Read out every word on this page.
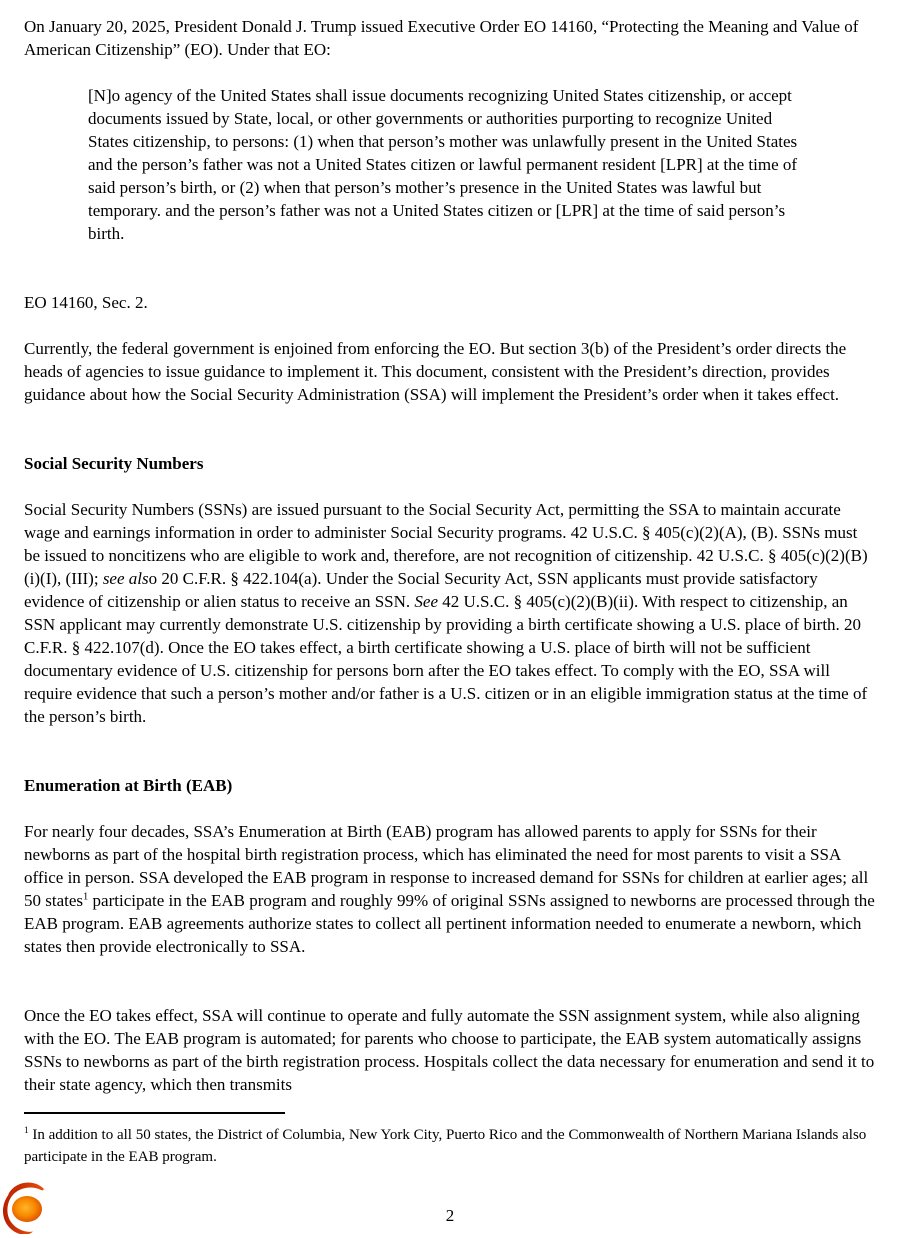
On January 20, 2025, President Donald J. Trump issued Executive Order EO 14160, “Protecting the Meaning and Value of American Citizenship” (EO). Under that EO:

[N]o agency of the United States shall issue documents recognizing United States citizenship, or accept documents issued by State, local, or other governments or authorities purporting to recognize United States citizenship, to persons: (1) when that person’s mother was unlawfully present in the United States and the person’s father was not a United States citizen or lawful permanent resident [LPR] at the time of said person’s birth, or (2) when that person’s mother’s presence in the United States was lawful but temporary. and the person’s father was not a United States citizen or [LPR] at the time of said person’s birth.

EO 14160, Sec. 2.

Currently, the federal government is enjoined from enforcing the EO. But section 3(b) of the President’s order directs the heads of agencies to issue guidance to implement it. This document, consistent with the President’s direction, provides guidance about how the Social Security Administration (SSA) will implement the President’s order when it takes effect.

Social Security Numbers

Social Security Numbers (SSNs) are issued pursuant to the Social Security Act, permitting the SSA to maintain accurate wage and earnings information in order to administer Social Security programs. 42 U.S.C. § 405(c)(2)(A), (B). SSNs must be issued to noncitizens who are eligible to work and, therefore, are not recognition of citizenship. 42 U.S.C. § 405(c)(2)(B)(i)(I), (III); see also 20 C.F.R. § 422.104(a). Under the Social Security Act, SSN applicants must provide satisfactory evidence of citizenship or alien status to receive an SSN. See 42 U.S.C. § 405(c)(2)(B)(ii). With respect to citizenship, an SSN applicant may currently demonstrate U.S. citizenship by providing a birth certificate showing a U.S. place of birth. 20 C.F.R. § 422.107(d). Once the EO takes effect, a birth certificate showing a U.S. place of birth will not be sufficient documentary evidence of U.S. citizenship for persons born after the EO takes effect. To comply with the EO, SSA will require evidence that such a person’s mother and/or father is a U.S. citizen or in an eligible immigration status at the time of the person’s birth.

Enumeration at Birth (EAB)

For nearly four decades, SSA’s Enumeration at Birth (EAB) program has allowed parents to apply for SSNs for their newborns as part of the hospital birth registration process, which has eliminated the need for most parents to visit a SSA office in person. SSA developed the EAB program in response to increased demand for SSNs for children at earlier ages; all 50 states$^1$ participate in the EAB program and roughly 99% of original SSNs assigned to newborns are processed through the EAB program. EAB agreements authorize states to collect all pertinent information needed to enumerate a newborn, which states then provide electronically to SSA.

Once the EO takes effect, SSA will continue to operate and fully automate the SSN assignment system, while also aligning with the EO. The EAB program is automated; for parents who choose to participate, the EAB system automatically assigns SSNs to newborns as part of the birth registration process. Hospitals collect the data necessary for enumeration and send it to their state agency, which then transmits

$^1$ In addition to all 50 states, the District of Columbia, New York City, Puerto Rico and the Commonwealth of Northern Mariana Islands also participate in the EAB program.

2
